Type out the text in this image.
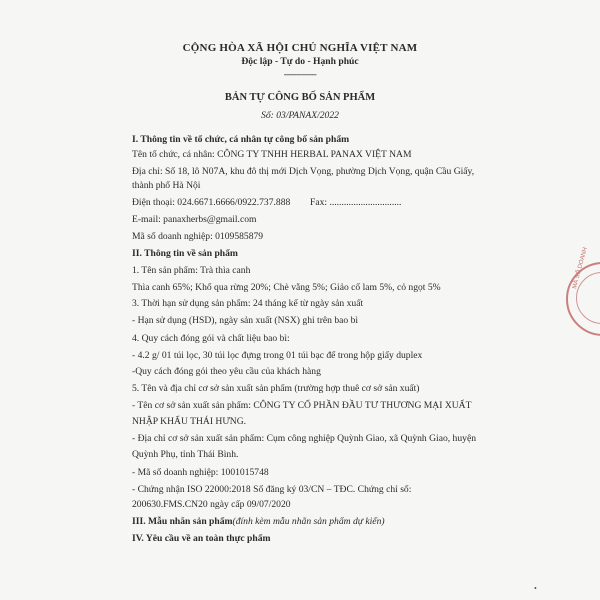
CỘNG HÒA XÃ HỘI CHỦ NGHĨA VIỆT NAM
Độc lập - Tự do - Hạnh phúc
-------------
BẢN TỰ CÔNG BỐ SẢN PHẨM
Số: 03/PANAX/2022
I. Thông tin về tổ chức, cá nhân tự công bố sản phẩm
Tên tổ chức, cá nhân: CÔNG TY TNHH HERBAL PANAX VIỆT NAM
Địa chỉ: Số 18, lô N07A, khu đô thị mới Dịch Vọng, phường Dịch Vọng, quận Cầu Giấy,
thành phố Hà Nội
Điện thoại: 024.6671.6666/0922.737.888 Fax: ..............................
E-mail: panaxherbs@gmail.com
Mã số doanh nghiệp: 0109585879
II. Thông tin về sản phẩm
1. Tên sản phẩm: Trà thìa canh
Thìa canh 65%; Khổ qua rừng 20%; Chè vằng 5%; Giảo cổ lam 5%, cỏ ngọt 5%
3. Thời hạn sử dụng sản phẩm: 24 tháng kể từ ngày sản xuất
- Hạn sử dụng (HSD), ngày sản xuất (NSX) ghi trên bao bì
4. Quy cách đóng gói và chất liệu bao bì:
- 4.2 g/ 01 túi lọc, 30 túi lọc đựng trong 01 túi bạc để trong hộp giấy duplex
-Quy cách đóng gói theo yêu cầu của khách hàng
5. Tên và địa chỉ cơ sở sản xuất sản phẩm (trường hợp thuê cơ sở sản xuất)
- Tên cơ sở sản xuất sản phẩm: CÔNG TY CỔ PHẦN ĐẦU TƯ THƯƠNG MẠI XUẤT
NHẬP KHẨU THÁI HƯNG.
- Địa chỉ cơ sở sản xuất sản phẩm: Cụm công nghiệp Quỳnh Giao, xã Quỳnh Giao, huyện
Quỳnh Phụ, tỉnh Thái Bình.
- Mã số doanh nghiệp: 1001015748
- Chứng nhận ISO 22000:2018 Số đăng ký 03/CN – TĐC. Chứng chỉ số:
200630.FMS.CN20 ngày cấp 09/07/2020
III. Mẫu nhãn sản phẩm(đính kèm mẫu nhãn sản phẩm dự kiến)
IV. Yêu cầu về an toàn thực phẩm
MÃ SỐ DOANH
•
